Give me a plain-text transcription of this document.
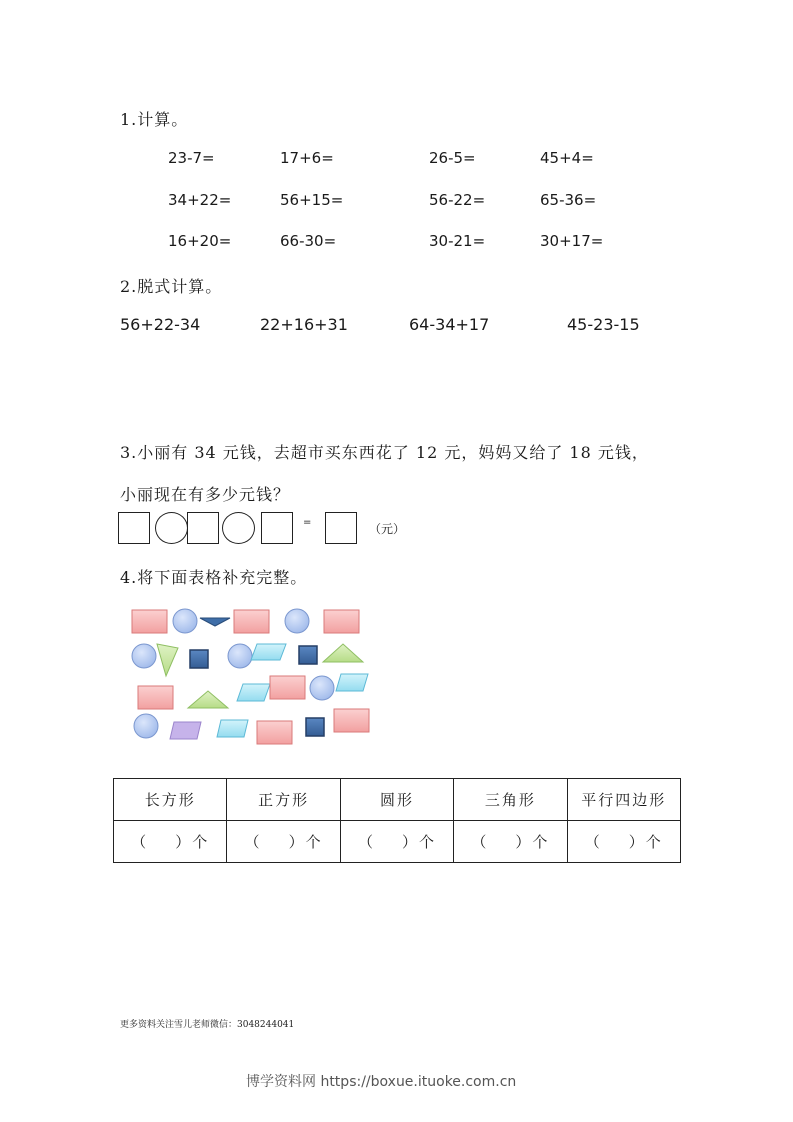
1.计算。
23-7=	17+6=	26-5=	45+4=
34+22=	56+15=	56-22=	65-36=
16+20=	66-30=	30-21=	30+17=
2.脱式计算。
56+22-34	22+16+31	64-34+17	45-23-15
3.小丽有 34 元钱，去超市买东西花了 12 元，妈妈又给了 18 元钱，
小丽现在有多少元钱？
=	（元）
4.将下面表格补充完整。
长方形	正方形	圆形	三角形	平行四边形
（    ）个	（    ）个	（    ）个	（    ）个	（    ）个
更多资料关注雪儿老师微信：3048244041
博学资料网 https://boxue.ituoke.com.cn
